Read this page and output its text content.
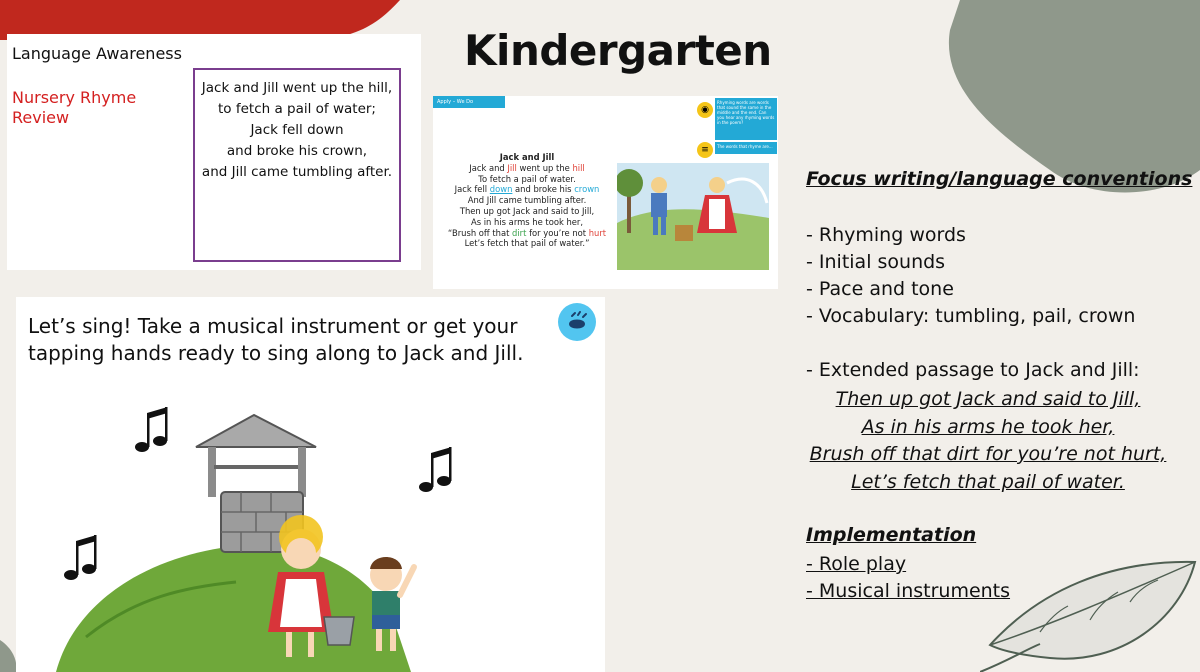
Kindergarten
Language Awareness
Nursery Rhyme Review
Jack and Jill went up the hill,
to fetch a pail of water;
Jack fell down
and broke his crown,
and Jill came tumbling after.
Apply – We Do
◉
≡
Rhyming words are words that sound the same in the middle and the end. Can you hear any rhyming words in the poem?
The words that rhyme are...
Jack and Jill
Jack and Jill went up the hill
To fetch a pail of water.
Jack fell down and broke his crown
And Jill came tumbling after.
Then up got Jack and said to Jill,
As in his arms he took her,
“Brush off that dirt for you’re not hurt
Let’s fetch that pail of water.”
Let’s sing! Take a musical instrument or get your tapping hands ready to sing along to Jack and Jill.
Focus writing/language conventions
- Rhyming words
- Initial sounds
- Pace and tone
- Vocabulary: tumbling, pail, crown
- Extended passage to Jack and Jill:
Then up got Jack and said to Jill,
As in his arms he took her,
Brush off that dirt for you’re not hurt,
Let’s fetch that pail of water.
Implementation
- Role play
- Musical instruments
